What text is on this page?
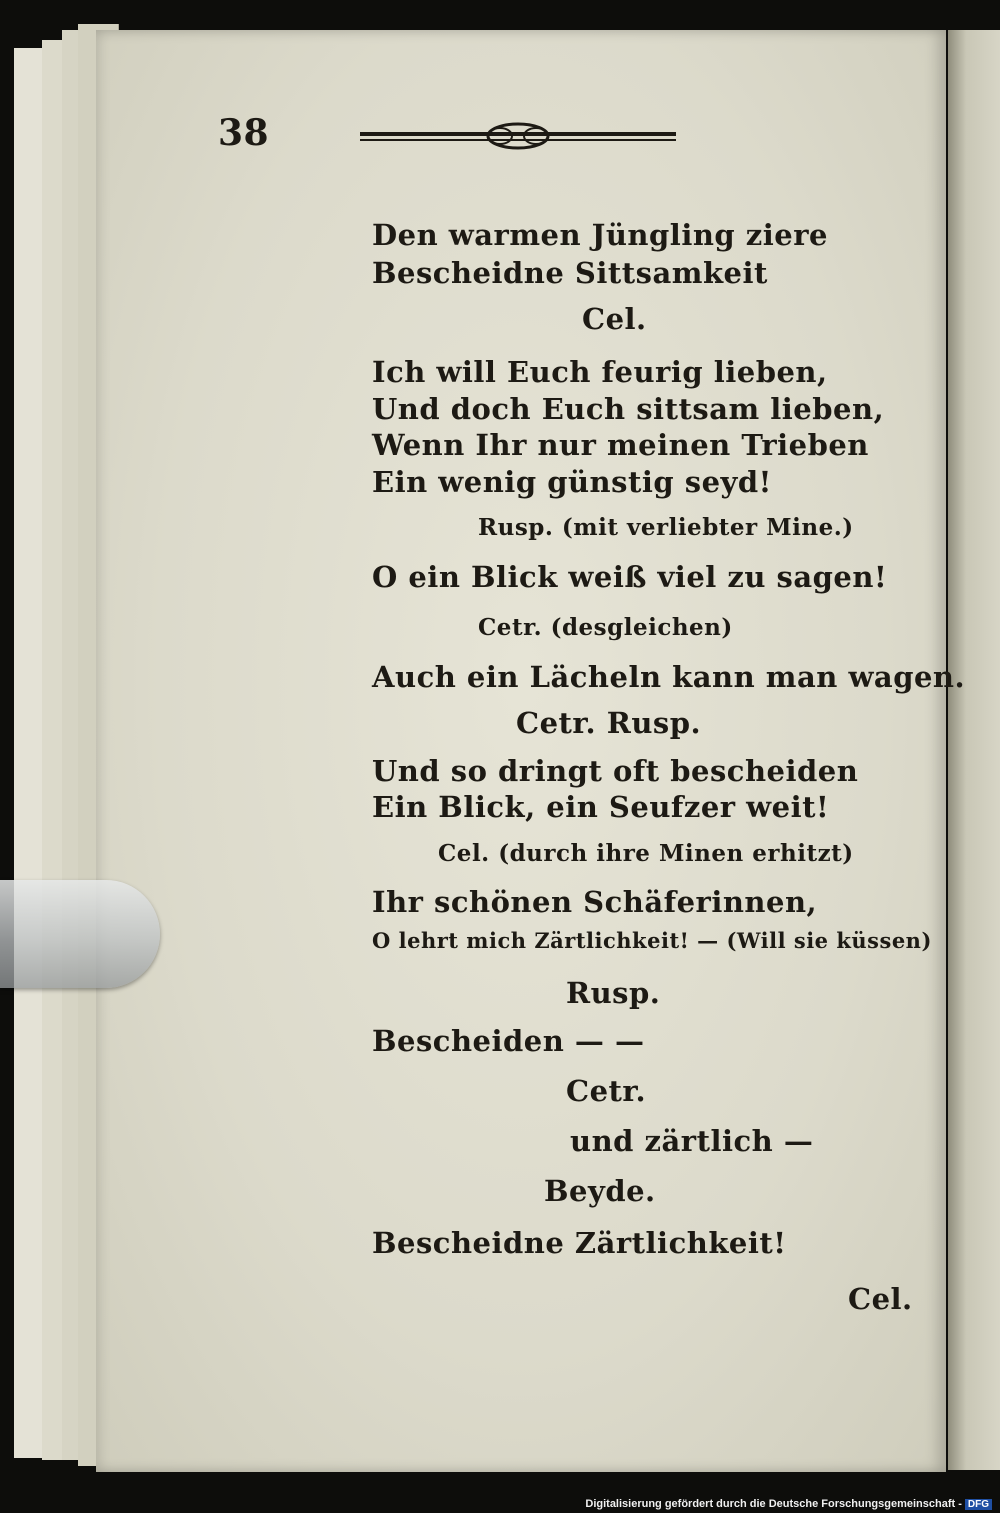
38
Den warmen Jüngling ziere
Bescheidne Sittsamkeit
Cel.
Ich will Euch feurig lieben,
Und doch Euch sittsam lieben,
Wenn Ihr nur meinen Trieben
Ein wenig günstig seyd!
Rusp. (mit verliebter Mine.)
O ein Blick weiß viel zu sagen!
Cetr. (desgleichen)
Auch ein Lächeln kann man wagen.
Cetr. Rusp.
Und so dringt oft bescheiden
Ein Blick, ein Seufzer weit!
Cel. (durch ihre Minen erhitzt)
Ihr schönen Schäferinnen,
O lehrt mich Zärtlichkeit! — (Will sie küssen)
Rusp.
Bescheiden — —
Cetr.
und zärtlich —
Beyde.
Bescheidne Zärtlichkeit!
Cel.
Digitalisierung gefördert durch die Deutsche Forschungsgemeinschaft - DFG
